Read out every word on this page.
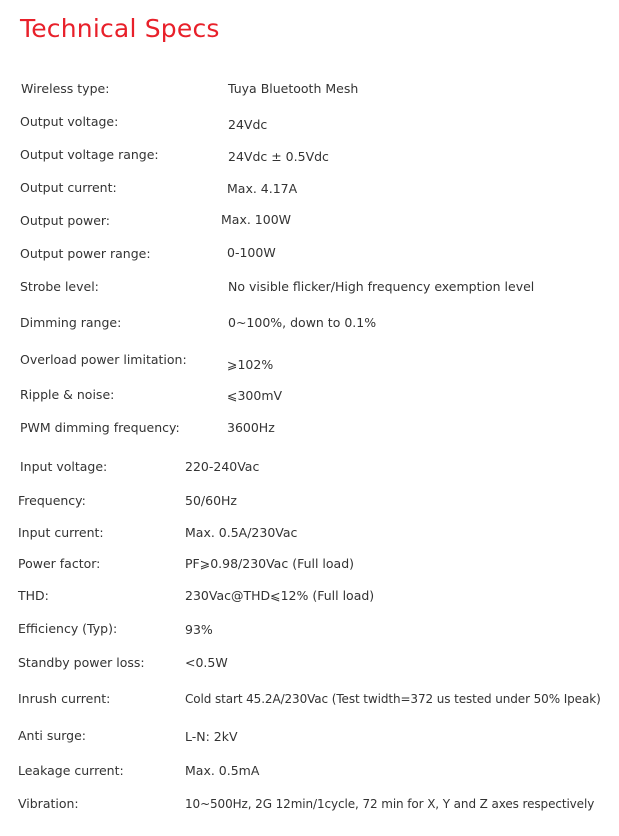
Technical Specs
Wireless type:	Tuya Bluetooth Mesh
Output voltage:	24Vdc
Output voltage range:	24Vdc ± 0.5Vdc
Output current:	Max. 4.17A
Output power:	Max. 100W
Output power range:	0-100W
Strobe level:	No visible flicker/High frequency exemption level
Dimming range:	0~100%, down to 0.1%
Overload power limitation:	⩾102%
Ripple & noise:	⩽300mV
PWM dimming frequency:	3600Hz
Input voltage:	220-240Vac
Frequency:	50/60Hz
Input current:	Max. 0.5A/230Vac
Power factor:	PF⩾0.98/230Vac (Full load)
THD:	230Vac@THD⩽12% (Full load)
Efficiency (Typ):	93%
Standby power loss:	<0.5W
Inrush current:	Cold start 45.2A/230Vac (Test twidth=372 us tested under 50% Ipeak)
Anti surge:	L-N: 2kV
Leakage current:	Max. 0.5mA
Vibration:	10~500Hz, 2G 12min/1cycle, 72 min for X, Y and Z axes respectively
